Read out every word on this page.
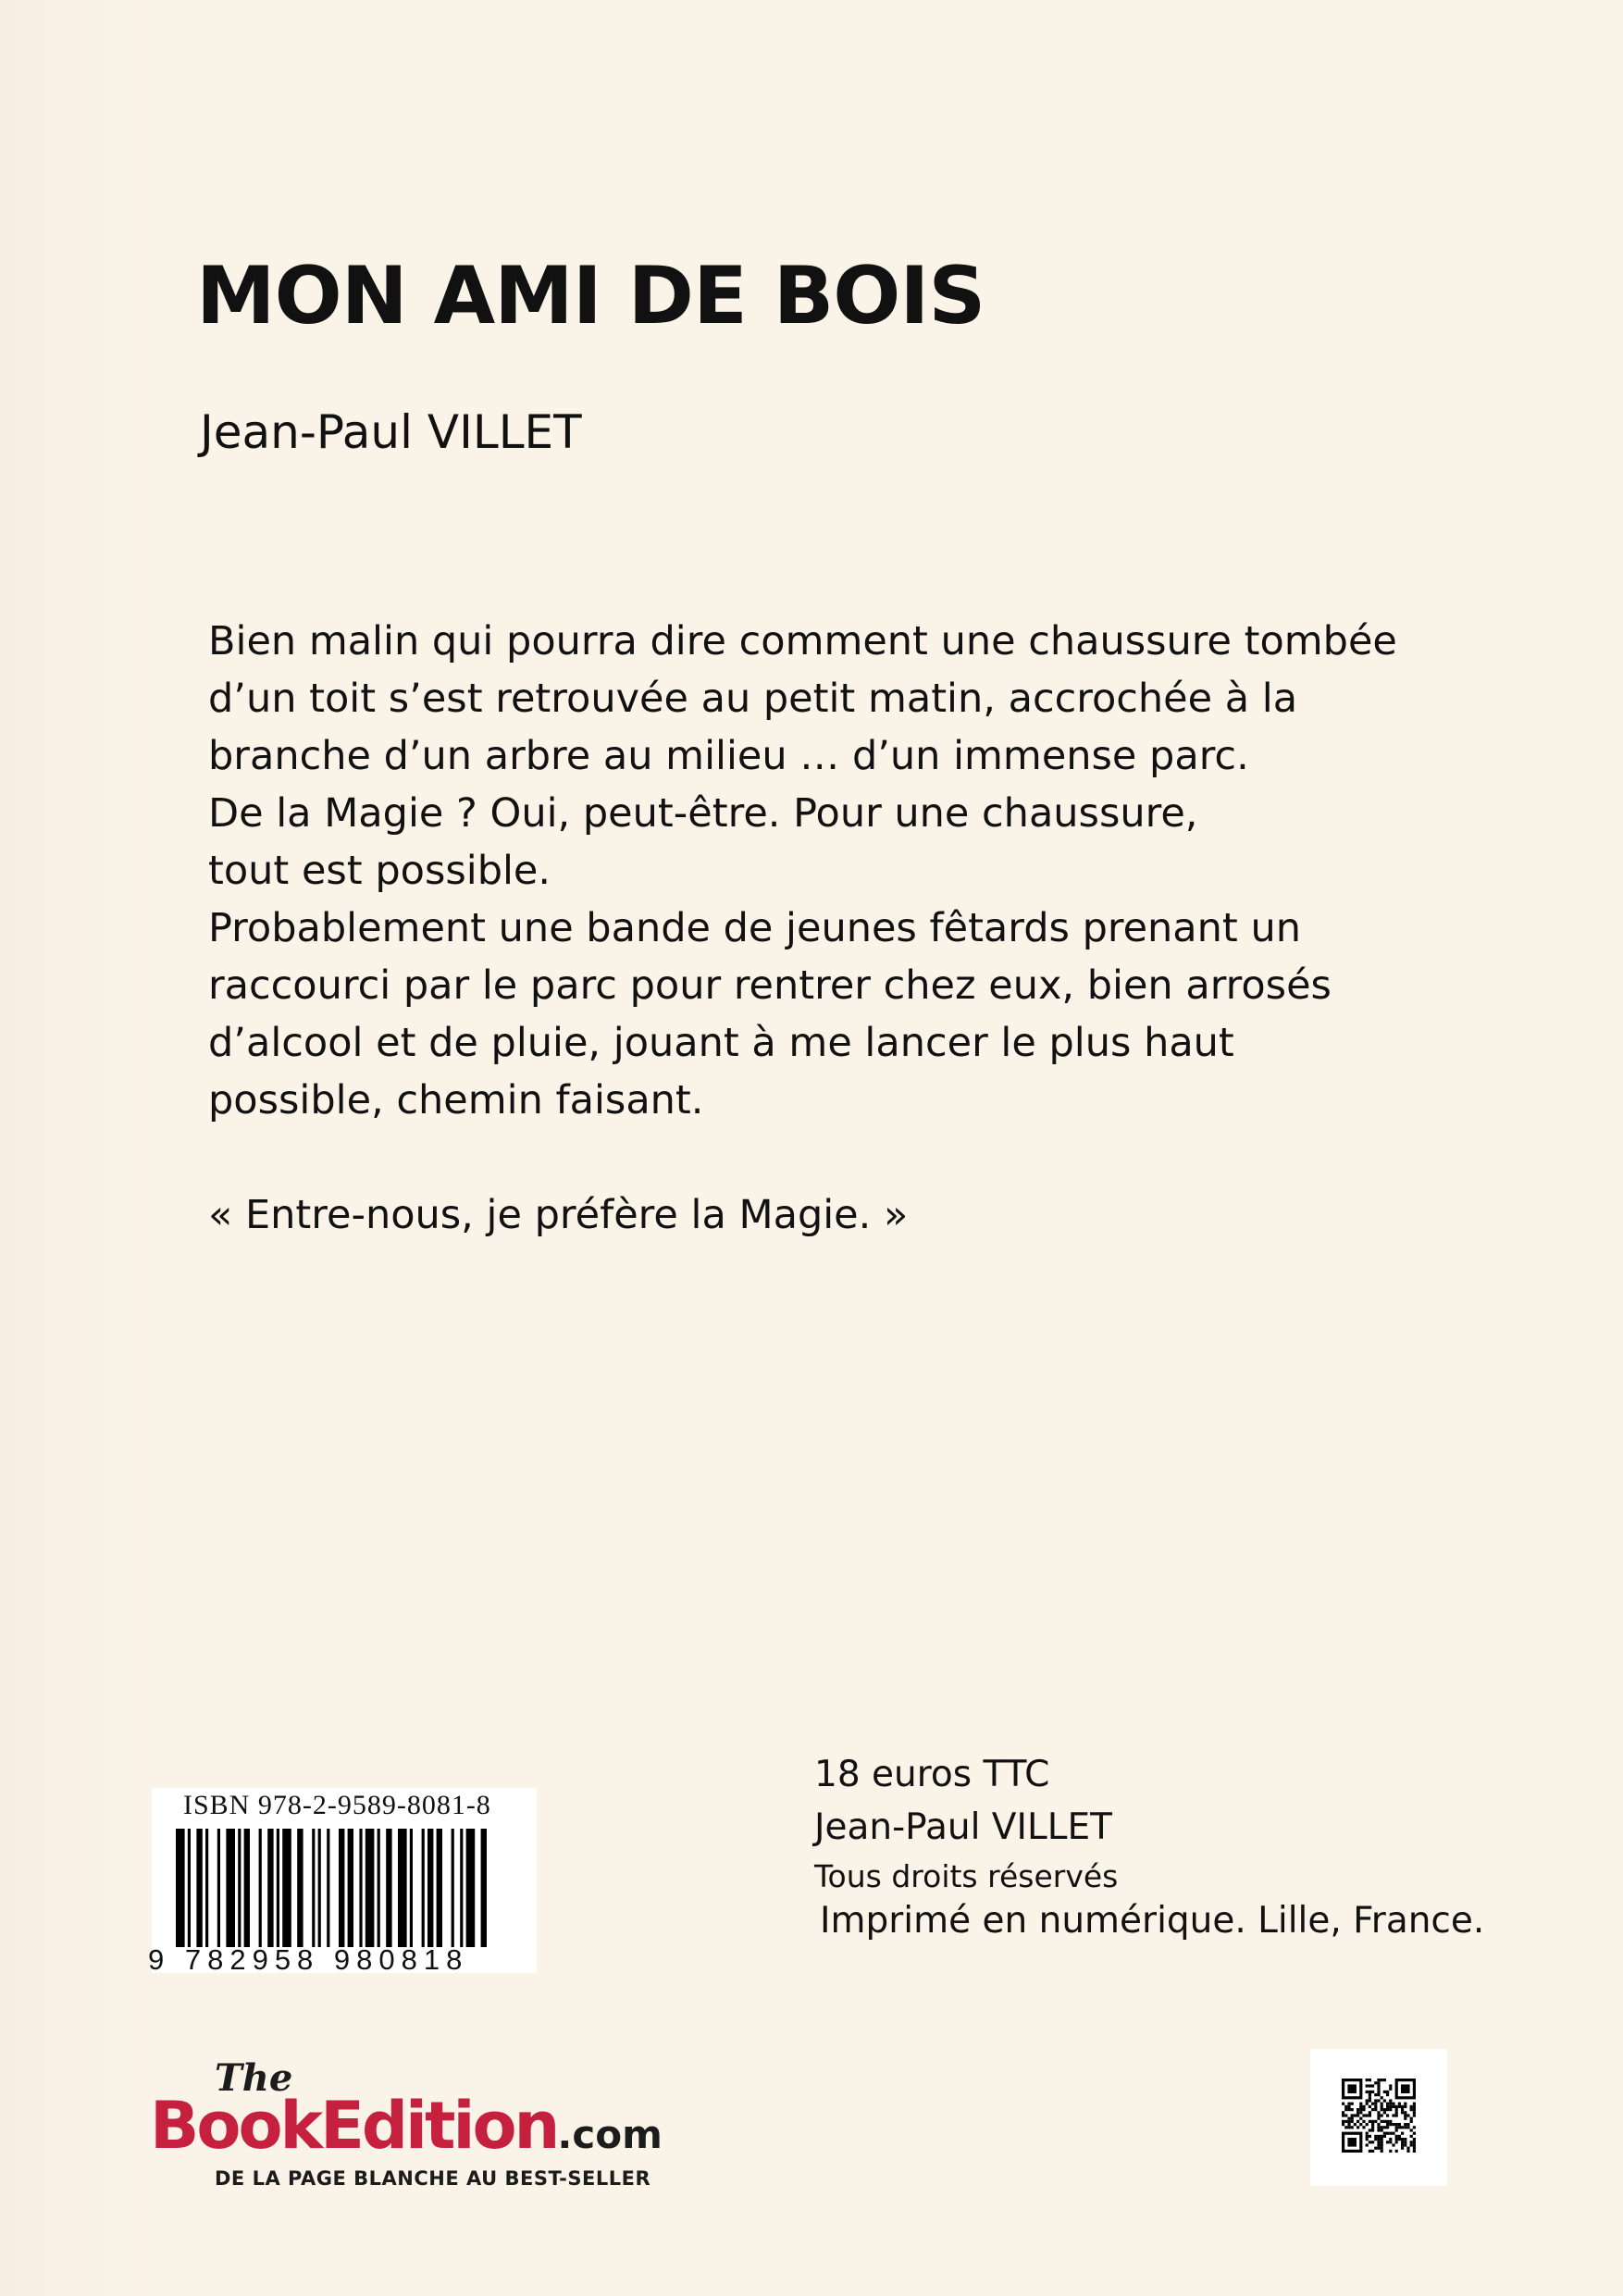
MON AMI DE BOIS
Jean-Paul VILLET
Bien malin qui pourra dire comment une chaussure tombée
d’un toit s’est retrouvée au petit matin, accrochée à la
branche d’un arbre au milieu … d’un immense parc.
De la Magie ? Oui, peut-être. Pour une chaussure,
tout est possible.
Probablement une bande de jeunes fêtards prenant un
raccourci par le parc pour rentrer chez eux, bien arrosés
d’alcool et de pluie, jouant à me lancer le plus haut
possible, chemin faisant.
« Entre-nous, je préfère la Magie. »
ISBN 978-2-9589-8081-8
9 782958 980818
18 euros TTC
Jean-Paul VILLET
Tous droits réservés
Imprimé en numérique. Lille, France.
The
BookEdition.com
DE LA PAGE BLANCHE AU BEST-SELLER
